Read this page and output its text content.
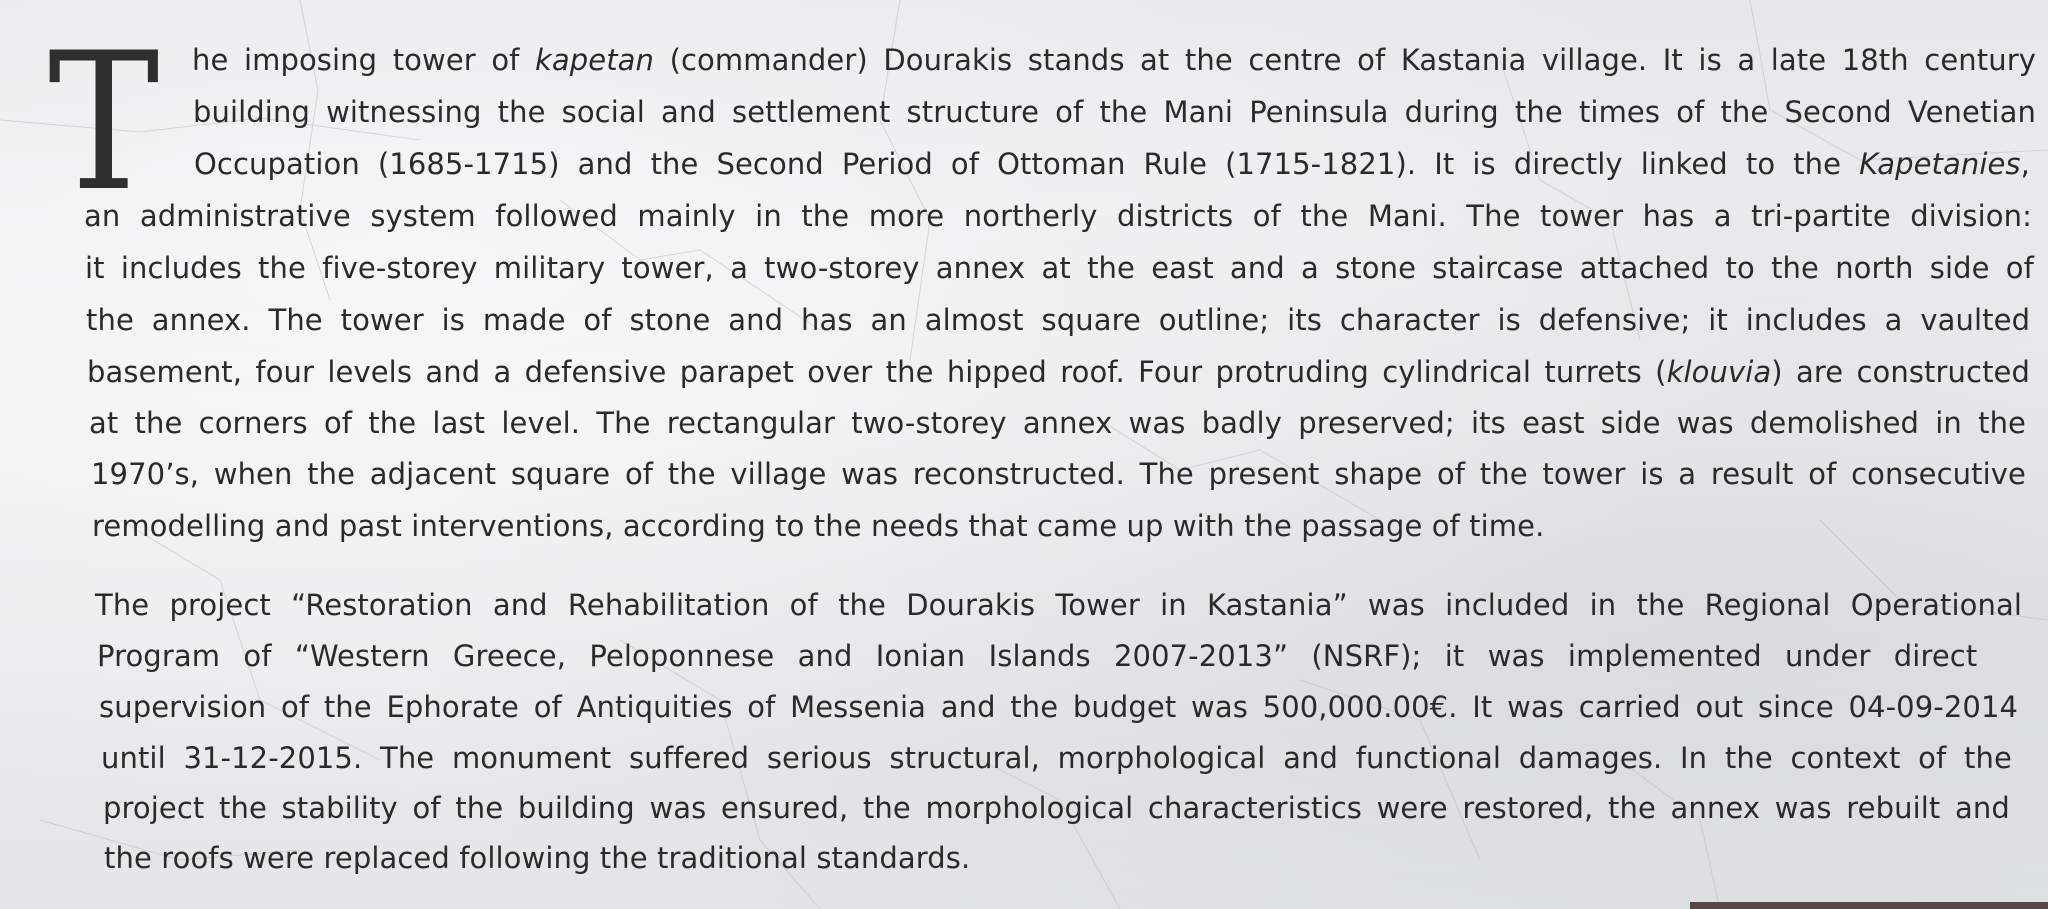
T he imposing tower of kapetan (commander) Dourakis stands at the centre of Kastania village. It is a late 18th century
building witnessing the social and settlement structure of the Mani Peninsula during the times of the Second Venetian
Occupation (1685-1715) and the Second Period of Ottoman Rule (1715-1821). It is directly linked to the Kapetanies,
an administrative system followed mainly in the more northerly districts of the Mani. The tower has a tri-partite division:
it includes the five-storey military tower, a two-storey annex at the east and a stone staircase attached to the north side of
the annex. The tower is made of stone and has an almost square outline; its character is defensive; it includes a vaulted
basement, four levels and a defensive parapet over the hipped roof. Four protruding cylindrical turrets (klouvia) are constructed
at the corners of the last level. The rectangular two-storey annex was badly preserved; its east side was demolished in the
1970’s, when the adjacent square of the village was reconstructed. The present shape of the tower is a result of consecutive
remodelling and past interventions, according to the needs that came up with the passage of time.
The project “Restoration and Rehabilitation of the Dourakis Tower in Kastania” was included in the Regional Operational
Program of “Western Greece, Peloponnese and Ionian Islands 2007-2013” (NSRF); it was implemented under direct
supervision of the Ephorate of Antiquities of Messenia and the budget was 500,000.00€. It was carried out since 04-09-2014
until 31-12-2015. The monument suffered serious structural, morphological and functional damages. In the context of the
project the stability of the building was ensured, the morphological characteristics were restored, the annex was rebuilt and
the roofs were replaced following the traditional standards.
